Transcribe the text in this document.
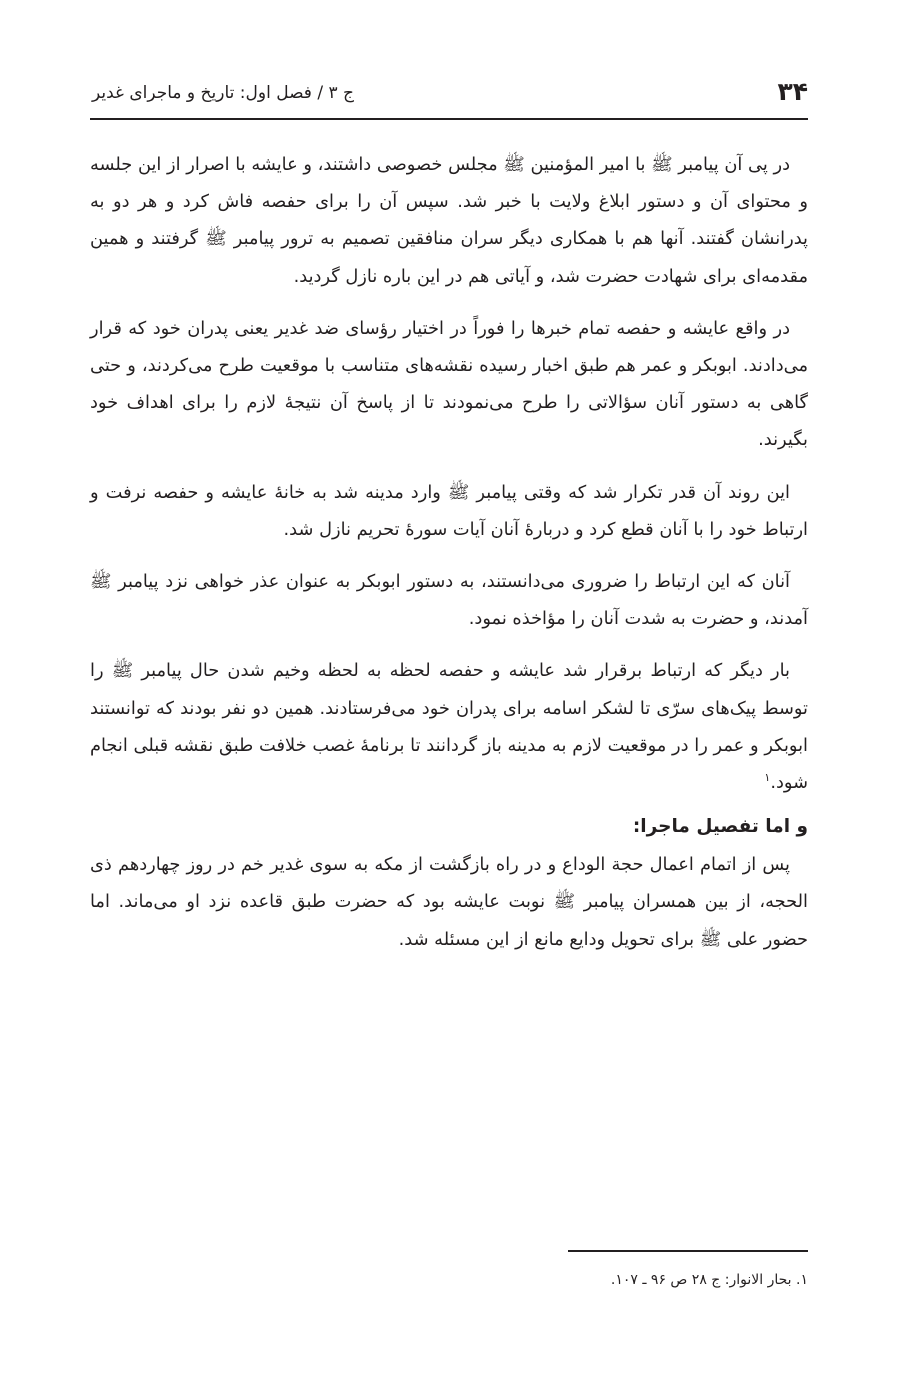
۳۴
ج ۳ / فصل اول: تاریخ و ماجرای غدیر

در پی آن پیامبر ﷺ با امیر المؤمنین ﷺ مجلس خصوصی داشتند، و عایشه با اصرار از این جلسه و محتوای آن و دستور ابلاغ ولایت با خبر شد. سپس آن را برای حفصه فاش کرد و هر دو به پدرانشان گفتند. آنها هم با همکاری دیگر سران منافقین تصمیم به ترور پیامبر ﷺ گرفتند و همین مقدمه‌ای برای شهادت حضرت شد، و آیاتی هم در این باره نازل گردید.

در واقع عایشه و حفصه تمام خبرها را فوراً در اختیار رؤسای ضد غدیر یعنی پدران خود که قرار می‌دادند. ابوبکر و عمر هم طبق اخبار رسیده نقشه‌های متناسب با موقعیت طرح می‌کردند، و حتی گاهی به دستور آنان سؤالاتی را طرح می‌نمودند تا از پاسخ آن نتیجهٔ لازم را برای اهداف خود بگیرند.

این روند آن قدر تکرار شد که وقتی پیامبر ﷺ وارد مدینه شد به خانهٔ عایشه و حفصه نرفت و ارتباط خود را با آنان قطع کرد و دربارهٔ آنان آیات سورهٔ تحریم نازل شد.

آنان که این ارتباط را ضروری می‌دانستند، به دستور ابوبکر به عنوان عذر خواهی نزد پیامبر ﷺ آمدند، و حضرت به شدت آنان را مؤاخذه نمود.

بار دیگر که ارتباط برقرار شد عایشه و حفصه لحظه به لحظه وخیم شدن حال پیامبر ﷺ را توسط پیک‌های سرّی تا لشکر اسامه برای پدران خود می‌فرستادند. همین دو نفر بودند که توانستند ابوبکر و عمر را در موقعیت لازم به مدینه باز گردانند تا برنامهٔ غصب خلافت طبق نقشه قبلی انجام شود.$^۱$

و اما تفصیل ماجرا:

پس از اتمام اعمال حجة الوداع و در راه بازگشت از مکه به سوی غدیر خم در روز چهاردهم ذی الحجه، از بین همسران پیامبر ﷺ نوبت عایشه بود که حضرت طبق قاعده نزد او می‌ماند. اما حضور علی ﷺ برای تحویل ودایع مانع از این مسئله شد.

۱. بحار الانوار: ج ۲۸ ص ۹۶ ـ ۱۰۷.
